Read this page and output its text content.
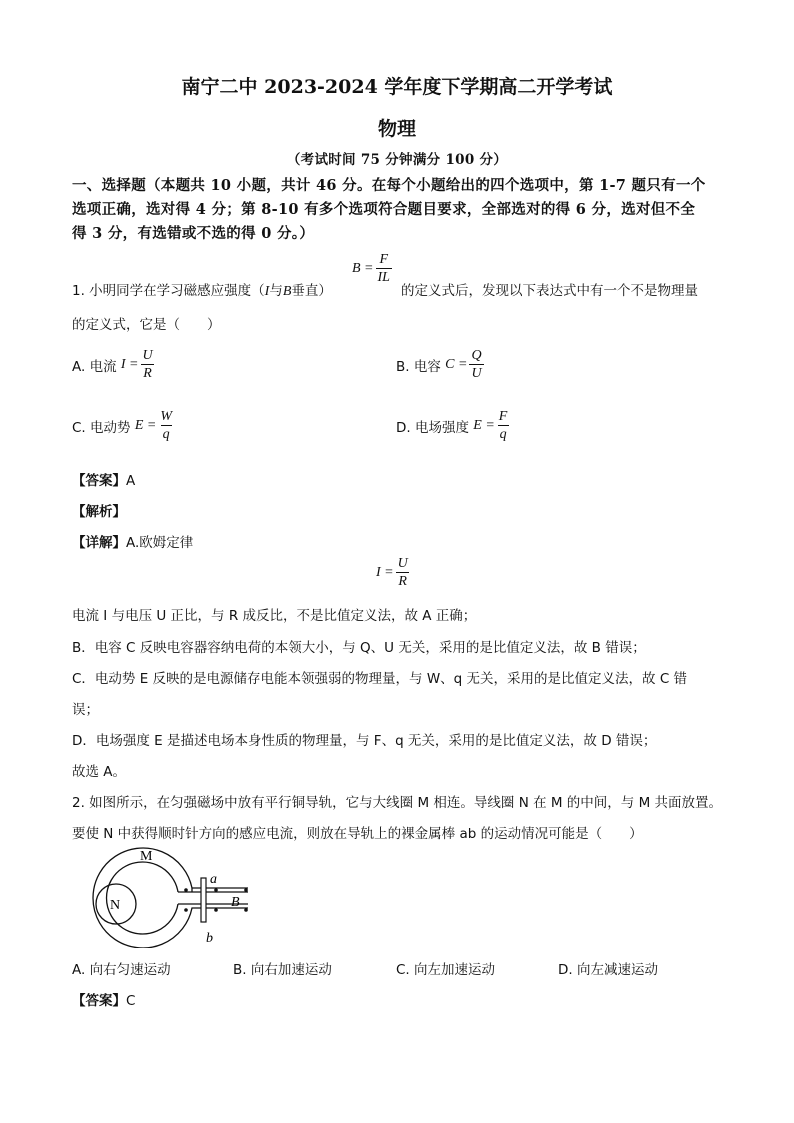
南宁二中 2023-2024 学年度下学期高二开学考试
物理
（考试时间 75 分钟满分 100 分）
一、选择题（本题共 10 小题，共计 46 分。在每个小题给出的四个选项中，第 1-7 题只有一个
选项正确，选对得 4 分；第 8-10 有多个选项符合题目要求，全部选对的得 6 分，选对但不全
得 3 分，有选错或不选的得 0 分。）
1. 小明同学在学习磁感应强度（I与B垂直）
$B = \frac{F}{IL}$
的定义式后，发现以下表达式中有一个不是物理量
的定义式，它是（　　）
A. 电流
$I = \frac{U}{R}$	B. 电容
$C = \frac{Q}{U}$
C. 电动势
$E = \frac{W}{q}$	D. 电场强度
$E = \frac{F}{q}$
【答案】A
【解析】
【详解】A.欧姆定律
$I = \frac{U}{R}$
电流 I 与电压 U 正比，与 R 成反比，不是比值定义法，故 A 正确；
B．电容 C 反映电容器容纳电荷的本领大小，与 Q、U 无关，采用的是比值定义法，故 B 错误；
C．电动势 E 反映的是电源储存电能本领强弱的物理量，与 W、q 无关，采用的是比值定义法，故 C 错
误；
D．电场强度 E 是描述电场本身性质的物理量，与 F、q 无关，采用的是比值定义法，故 D 错误；
故选 A。
2. 如图所示，在匀强磁场中放有平行铜导轨，它与大线圈 M 相连。导线圈 N 在 M 的中间，与 M 共面放置。
要使 N 中获得顺时针方向的感应电流，则放在导轨上的裸金属棒 ab 的运动情况可能是（　　）
M
N
a
b
B
A. 向右匀速运动	B. 向右加速运动	C. 向左加速运动	D. 向左减速运动
【答案】C
